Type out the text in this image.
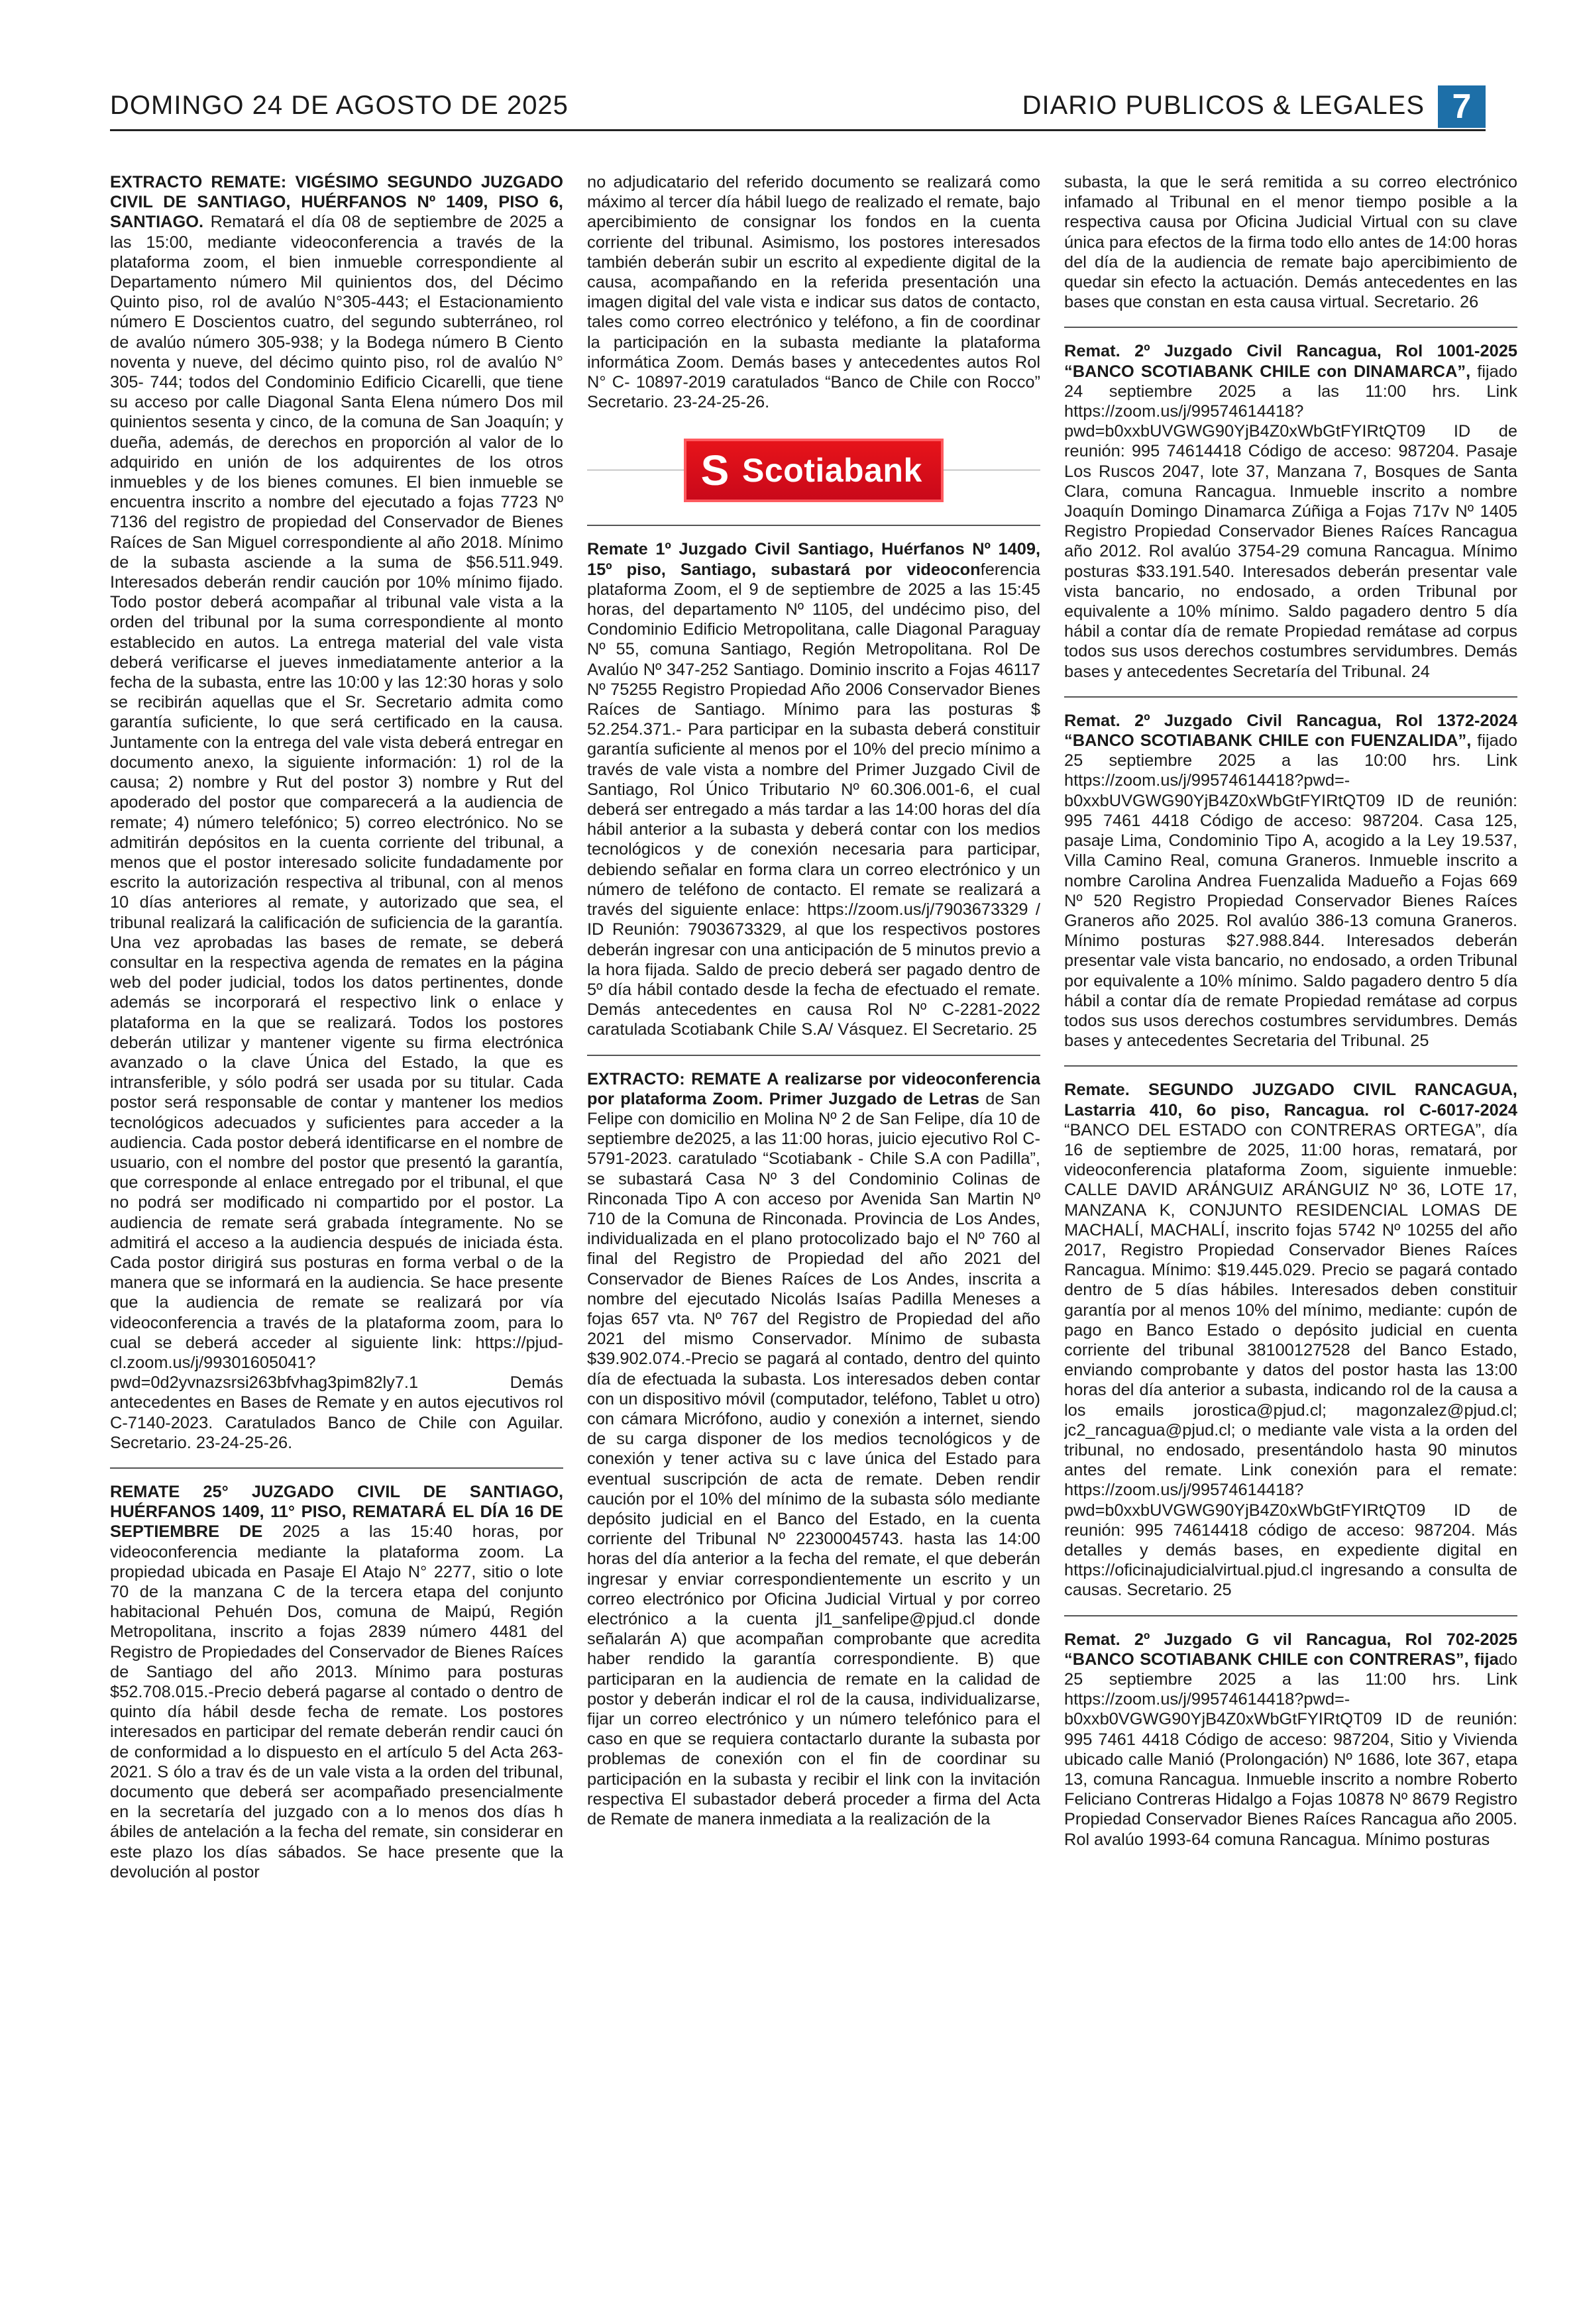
DOMINGO 24 DE AGOSTO DE 2025	DIARIO PUBLICOS & LEGALES 7

EXTRACTO REMATE: VIGÉSIMO SEGUNDO JUZGADO CIVIL DE SANTIAGO, HUÉRFANOS Nº 1409, PISO 6, SANTIAGO. Rematará el día 08 de septiembre de 2025 a las 15:00, mediante videoconferencia a través de la plataforma zoom, el bien inmueble correspondiente al Departamento número Mil quinientos dos, del Décimo Quinto piso, rol de avalúo N°305-443; el Estacionamiento número E Doscientos cuatro, del segundo subterráneo, rol de avalúo número 305-938; y la Bodega número B Ciento noventa y nueve, del décimo quinto piso, rol de avalúo N° 305- 744; todos del Condominio Edificio Cicarelli, que tiene su acceso por calle Diagonal Santa Elena número Dos mil quinientos sesenta y cinco, de la comuna de San Joaquín; y dueña, además, de derechos en proporción al valor de lo adquirido en unión de los adquirentes de los otros inmuebles y de los bienes comunes. El bien inmueble se encuentra inscrito a nombre del ejecutado a fojas 7723 Nº 7136 del registro de propiedad del Conservador de Bienes Raíces de San Miguel correspondiente al año 2018. Mínimo de la subasta asciende a la suma de $56.511.949. Interesados deberán rendir caución por 10% mínimo fijado. Todo postor deberá acompañar al tribunal vale vista a la orden del tribunal por la suma correspondiente al monto establecido en autos. La entrega material del vale vista deberá verificarse el jueves inmediatamente anterior a la fecha de la subasta, entre las 10:00 y las 12:30 horas y solo se recibirán aquellas que el Sr. Secretario admita como garantía suficiente, lo que será certificado en la causa. Juntamente con la entrega del vale vista deberá entregar en documento anexo, la siguiente información: 1) rol de la causa; 2) nombre y Rut del postor 3) nombre y Rut del apoderado del postor que comparecerá a la audiencia de remate; 4) número telefónico; 5) correo electrónico. No se admitirán depósitos en la cuenta corriente del tribunal, a menos que el postor interesado solicite fundadamente por escrito la autorización respectiva al tribunal, con al menos 10 días anteriores al remate, y autorizado que sea, el tribunal realizará la calificación de suficiencia de la garantía. Una vez aprobadas las bases de remate, se deberá consultar en la respectiva agenda de remates en la página web del poder judicial, todos los datos pertinentes, donde además se incorporará el respectivo link o enlace y plataforma en la que se realizará. Todos los postores deberán utilizar y mantener vigente su firma electrónica avanzado o la clave Única del Estado, la que es intransferible, y sólo podrá ser usada por su titular. Cada postor será responsable de contar y mantener los medios tecnológicos adecuados y suficientes para acceder a la audiencia. Cada postor deberá identificarse en el nombre de usuario, con el nombre del postor que presentó la garantía, que corresponde al enlace entregado por el tribunal, el que no podrá ser modificado ni compartido por el postor. La audiencia de remate será grabada íntegramente. No se admitirá el acceso a la audiencia después de iniciada ésta. Cada postor dirigirá sus posturas en forma verbal o de la manera que se informará en la audiencia. Se hace presente que la audiencia de remate se realizará por vía videoconferencia a través de la plataforma zoom, para lo cual se deberá acceder al siguiente link: https://pjud-cl.zoom.us/j/99301605041?pwd=0d2yvnazsrsi263bfvhag3pim82ly7.1 Demás antecedentes en Bases de Remate y en autos ejecutivos rol C-7140-2023. Caratulados Banco de Chile con Aguilar. Secretario. 23-24-25-26.

REMATE 25° JUZGADO CIVIL DE SANTIAGO, HUÉRFANOS 1409, 11° PISO, REMATARÁ EL DÍA 16 DE SEPTIEMBRE DE 2025 a las 15:40 horas, por videoconferencia mediante la plataforma zoom. La propiedad ubicada en Pasaje El Atajo N° 2277, sitio o lote 70 de la manzana C de la tercera etapa del conjunto habitacional Pehuén Dos, comuna de Maipú, Región Metropolitana, inscrito a fojas 2839 número 4481 del Registro de Propiedades del Conservador de Bienes Raíces de Santiago del año 2013. Mínimo para posturas $52.708.015.-Precio deberá pagarse al contado o dentro de quinto día hábil desde fecha de remate. Los postores interesados en participar del remate deberán rendir cauci ón de conformidad a lo dispuesto en el artículo 5 del Acta 263-2021. S ólo a trav és de un vale vista a la orden del tribunal, documento que deberá ser acompañado presencialmente en la secretaría del juzgado con a lo menos dos días h ábiles de antelación a la fecha del remate, sin considerar en este plazo los días sábados. Se hace presente que la devolución al postor

no adjudicatario del referido documento se realizará como máximo al tercer día hábil luego de realizado el remate, bajo apercibimiento de consignar los fondos en la cuenta corriente del tribunal. Asimismo, los postores interesados también deberán subir un escrito al expediente digital de la causa, acompañando en la referida presentación una imagen digital del vale vista e indicar sus datos de contacto, tales como correo electrónico y teléfono, a fin de coordinar la participación en la subasta mediante la plataforma informática Zoom. Demás bases y antecedentes autos Rol N° C- 10897-2019 caratulados “Banco de Chile con Rocco” Secretario. 23-24-25-26.

S Scotiabank

Remate 1º Juzgado Civil Santiago, Huérfanos Nº 1409, 15º piso, Santiago, subastará por videoconferencia plataforma Zoom, el 9 de septiembre de 2025 a las 15:45 horas, del departamento Nº 1105, del undécimo piso, del Condominio Edificio Metropolitana, calle Diagonal Paraguay Nº 55, comuna Santiago, Región Metropolitana. Rol De Avalúo Nº 347-252 Santiago. Dominio inscrito a Fojas 46117 Nº 75255 Registro Propiedad Año 2006 Conservador Bienes Raíces de Santiago. Mínimo para las posturas $ 52.254.371.- Para participar en la subasta deberá constituir garantía suficiente al menos por el 10% del precio mínimo a través de vale vista a nombre del Primer Juzgado Civil de Santiago, Rol Único Tributario Nº 60.306.001-6, el cual deberá ser entregado a más tardar a las 14:00 horas del día hábil anterior a la subasta y deberá contar con los medios tecnológicos y de conexión necesaria para participar, debiendo señalar en forma clara un correo electrónico y un número de teléfono de contacto. El remate se realizará a través del siguiente enlace: https://zoom.us/j/7903673329 / ID Reunión: 7903673329, al que los respectivos postores deberán ingresar con una anticipación de 5 minutos previo a la hora fijada. Saldo de precio deberá ser pagado dentro de 5º día hábil contado desde la fecha de efectuado el remate. Demás antecedentes en causa Rol Nº C-2281-2022 caratulada Scotiabank Chile S.A/ Vásquez. El Secretario. 25

EXTRACTO: REMATE A realizarse por videoconferencia por plataforma Zoom. Primer Juzgado de Letras de San Felipe con domicilio en Molina Nº 2 de San Felipe, día 10 de septiembre de2025, a las 11:00 horas, juicio ejecutivo Rol C-5791-2023. caratulado “Scotiabank - Chile S.A con Padilla”, se subastará Casa Nº 3 del Condominio Colinas de Rinconada Tipo A con acceso por Avenida San Martin Nº 710 de la Comuna de Rinconada. Provincia de Los Andes, individualizada en el plano protocolizado bajo el Nº 760 al final del Registro de Propiedad del año 2021 del Conservador de Bienes Raíces de Los Andes, inscrita a nombre del ejecutado Nicolás Isaías Padilla Meneses a fojas 657 vta. Nº 767 del Registro de Propiedad del año 2021 del mismo Conservador. Mínimo de subasta $39.902.074.-Precio se pagará al contado, dentro del quinto día de efectuada la subasta. Los interesados deben contar con un dispositivo móvil (computador, teléfono, Tablet u otro) con cámara Micrófono, audio y conexión a internet, siendo de su carga disponer de los medios tecnológicos y de conexión y tener activa su c lave única del Estado para eventual suscripción de acta de remate. Deben rendir caución por el 10% del mínimo de la subasta sólo mediante depósito judicial en el Banco del Estado, en la cuenta corriente del Tribunal Nº 22300045743. hasta las 14:00 horas del día anterior a la fecha del remate, el que deberán ingresar y enviar correspondientemente un escrito y un correo electrónico por Oficina Judicial Virtual y por correo electrónico a la cuenta jl1_sanfelipe@pjud.cl donde señalarán A) que acompañan comprobante que acredita haber rendido la garantía correspondiente. B) que participaran en la audiencia de remate en la calidad de postor y deberán indicar el rol de la causa, individualizarse, fijar un correo electrónico y un número telefónico para el caso en que se requiera contactarlo durante la subasta por problemas de conexión con el fin de coordinar su participación en la subasta y recibir el link con la invitación respectiva El subastador deberá proceder a firma del Acta de Remate de manera inmediata a la realización de la

subasta, la que le será remitida a su correo electrónico infamado al Tribunal en el menor tiempo posible a la respectiva causa por Oficina Judicial Virtual con su clave única para efectos de la firma todo ello antes de 14:00 horas del día de la audiencia de remate bajo apercibimiento de quedar sin efecto la actuación. Demás antecedentes en las bases que constan en esta causa virtual. Secretario. 26

Remat. 2º Juzgado Civil Rancagua, Rol 1001-2025 “BANCO SCOTIABANK CHILE con DINAMARCA”, fijado 24 septiembre 2025 a las 11:00 hrs. Link https://zoom.us/j/99574614418?pwd=b0xxbUVGWG90YjB4Z0xWbGtFYIRtQT09 ID de reunión: 995 74614418 Código de acceso: 987204. Pasaje Los Ruscos 2047, lote 37, Manzana 7, Bosques de Santa Clara, comuna Rancagua. Inmueble inscrito a nombre Joaquín Domingo Dinamarca Zúñiga a Fojas 717v Nº 1405 Registro Propiedad Conservador Bienes Raíces Rancagua año 2012. Rol avalúo 3754-29 comuna Rancagua. Mínimo posturas $33.191.540. Interesados deberán presentar vale vista bancario, no endosado, a orden Tribunal por equivalente a 10% mínimo. Saldo pagadero dentro 5 día hábil a contar día de remate Propiedad remátase ad corpus todos sus usos derechos costumbres servidumbres. Demás bases y antecedentes Secretaría del Tribunal. 24

Remat. 2º Juzgado Civil Rancagua, Rol 1372-2024 “BANCO SCOTIABANK CHILE con FUENZALIDA”, fijado 25 septiembre 2025 a las 10:00 hrs. Link https://zoom.us/j/99574614418?pwd=-b0xxbUVGWG90YjB4Z0xWbGtFYIRtQT09 ID de reunión: 995 7461 4418 Código de acceso: 987204. Casa 125, pasaje Lima, Condominio Tipo A, acogido a la Ley 19.537, Villa Camino Real, comuna Graneros. Inmueble inscrito a nombre Carolina Andrea Fuenzalida Madueño a Fojas 669 Nº 520 Registro Propiedad Conservador Bienes Raíces Graneros año 2025. Rol avalúo 386-13 comuna Graneros. Mínimo posturas $27.988.844. Interesados deberán presentar vale vista bancario, no endosado, a orden Tribunal por equivalente a 10% mínimo. Saldo pagadero dentro 5 día hábil a contar día de remate Propiedad remátase ad corpus todos sus usos derechos costumbres servidumbres. Demás bases y antecedentes Secretaria del Tribunal. 25

Remate. SEGUNDO JUZGADO CIVIL RANCAGUA, Lastarria 410, 6o piso, Rancagua. rol C-6017-2024 “BANCO DEL ESTADO con CONTRERAS ORTEGA”, día 16 de septiembre de 2025, 11:00 horas, rematará, por videoconferencia plataforma Zoom, siguiente inmueble: CALLE DAVID ARÁNGUIZ ARÁNGUIZ Nº 36, LOTE 17, MANZANA K, CONJUNTO RESIDENCIAL LOMAS DE MACHALÍ, MACHALÍ, inscrito fojas 5742 Nº 10255 del año 2017, Registro Propiedad Conservador Bienes Raíces Rancagua. Mínimo: $19.445.029. Precio se pagará contado dentro de 5 días hábiles. Interesados deben constituir garantía por al menos 10% del mínimo, mediante: cupón de pago en Banco Estado o depósito judicial en cuenta corriente del tribunal 38100127528 del Banco Estado, enviando comprobante y datos del postor hasta las 13:00 horas del día anterior a subasta, indicando rol de la causa a los emails jorostica@pjud.cl; magonzalez@pjud.cl; jc2_rancagua@pjud.cl; o mediante vale vista a la orden del tribunal, no endosado, presentándolo hasta 90 minutos antes del remate. Link conexión para el remate: https://zoom.us/j/99574614418?pwd=b0xxbUVGWG90YjB4Z0xWbGtFYIRtQT09 ID de reunión: 995 74614418 código de acceso: 987204. Más detalles y demás bases, en expediente digital en https://oficinajudicialvirtual.pjud.cl ingresando a consulta de causas. Secretario. 25

Remat. 2º Juzgado G vil Rancagua, Rol 702-2025 “BANCO SCOTIABANK CHILE con CONTRERAS”, fijado 25 septiembre 2025 a las 11:00 hrs. Link https://zoom.us/j/99574614418?pwd=-b0xxb0VGWG90YjB4Z0xWbGtFYIRtQT09 ID de reunión: 995 7461 4418 Código de acceso: 987204, Sitio y Vivienda ubicado calle Manió (Prolongación) Nº 1686, lote 367, etapa 13, comuna Rancagua. Inmueble inscrito a nombre Roberto Feliciano Contreras Hidalgo a Fojas 10878 Nº 8679 Registro Propiedad Conservador Bienes Raíces Rancagua año 2005. Rol avalúo 1993-64 comuna Rancagua. Mínimo posturas
